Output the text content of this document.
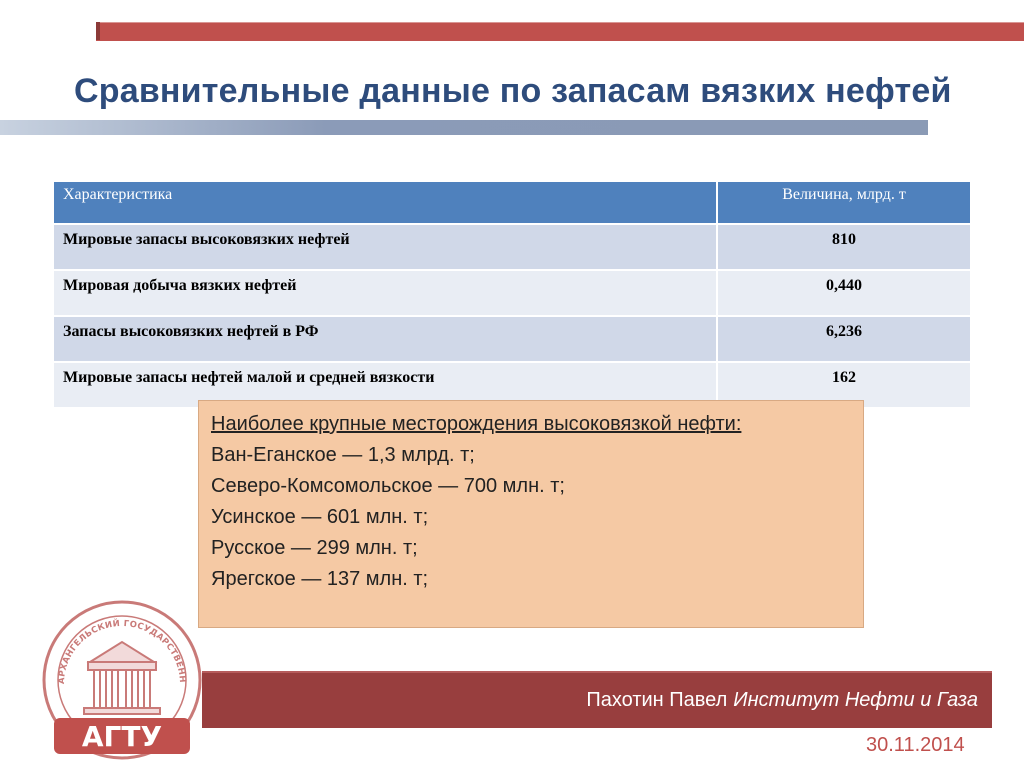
Сравнительные данные по запасам вязких нефтей
Характеристика	Величина, млрд. т
Мировые запасы высоковязких нефтей	810
Мировая добыча вязких нефтей	0,440
Запасы высоковязких нефтей в РФ	6,236
Мировые запасы нефтей малой и средней вязкости	162
Наиболее крупные месторождения высоковязкой нефти:
Ван-Еганское — 1,3 млрд. т;
Северо-Комсомольское — 700 млн. т;
Усинское — 601 млн. т;
Русское — 299 млн. т;
Ярегское — 137 млн. т;
Пахотин Павел Институт Нефти и Газа
АРХАНГЕЛЬСКИЙ ГОСУДАРСТВЕНН
АГТУ	30.11.2014
